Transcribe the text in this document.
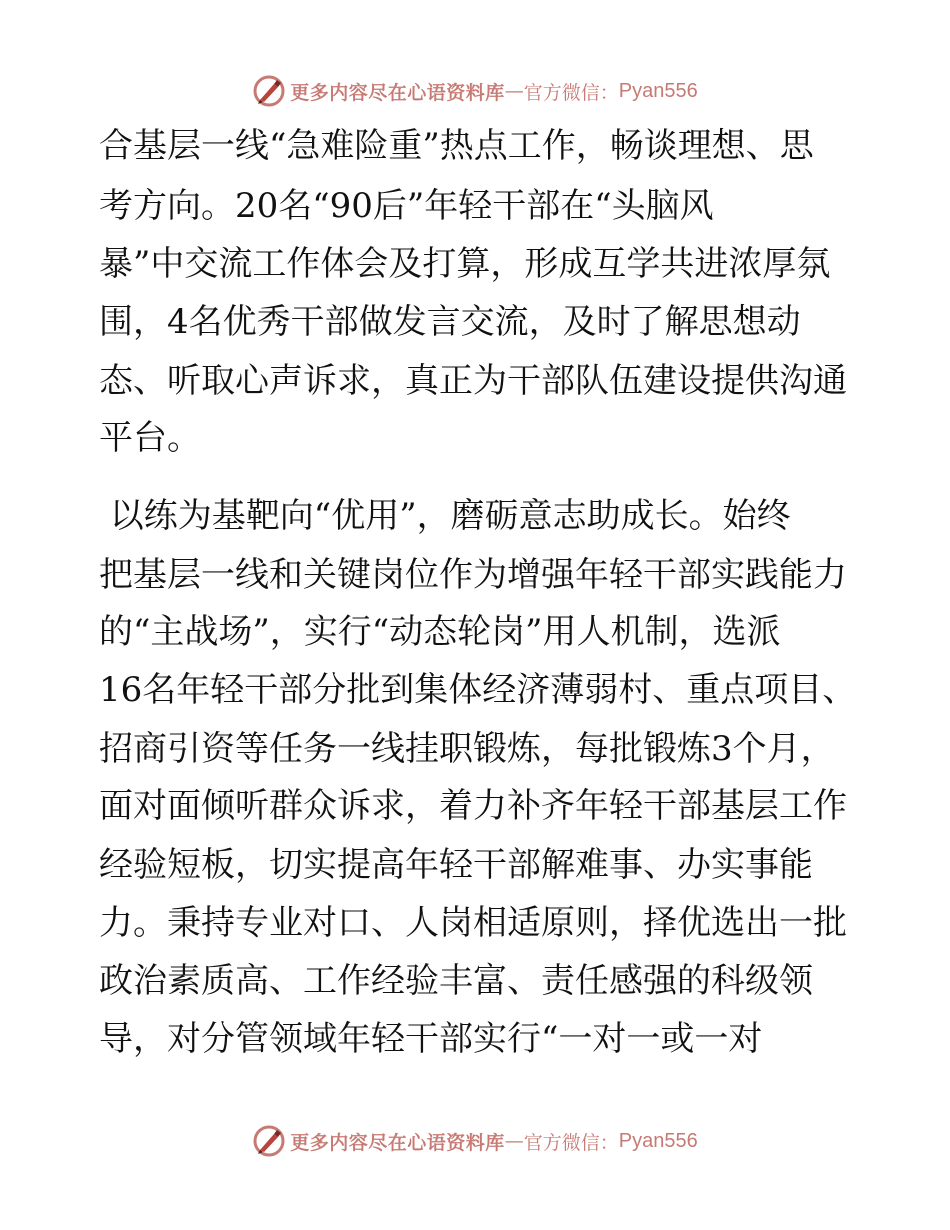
更多内容尽在心语资料库 — 官方微信： Pyan556

合基层一线“急难险重”热点工作，畅谈理想、思

考方向。20名“90后”年轻干部在“头脑风

暴”中交流工作体会及打算，形成互学共进浓厚氛

围，4名优秀干部做发言交流，及时了解思想动

态、听取心声诉求，真正为干部队伍建设提供沟通

平台。

以练为基靶向“优用”，磨砺意志助成长。始终

把基层一线和关键岗位作为增强年轻干部实践能力

的“主战场”，实行“动态轮岗”用人机制，选派

16名年轻干部分批到集体经济薄弱村、重点项目、

招商引资等任务一线挂职锻炼，每批锻炼3个月，

面对面倾听群众诉求，着力补齐年轻干部基层工作

经验短板，切实提高年轻干部解难事、办实事能

力。秉持专业对口、人岗相适原则，择优选出一批

政治素质高、工作经验丰富、责任感强的科级领

导，对分管领域年轻干部实行“一对一或一对

更多内容尽在心语资料库 — 官方微信： Pyan556
